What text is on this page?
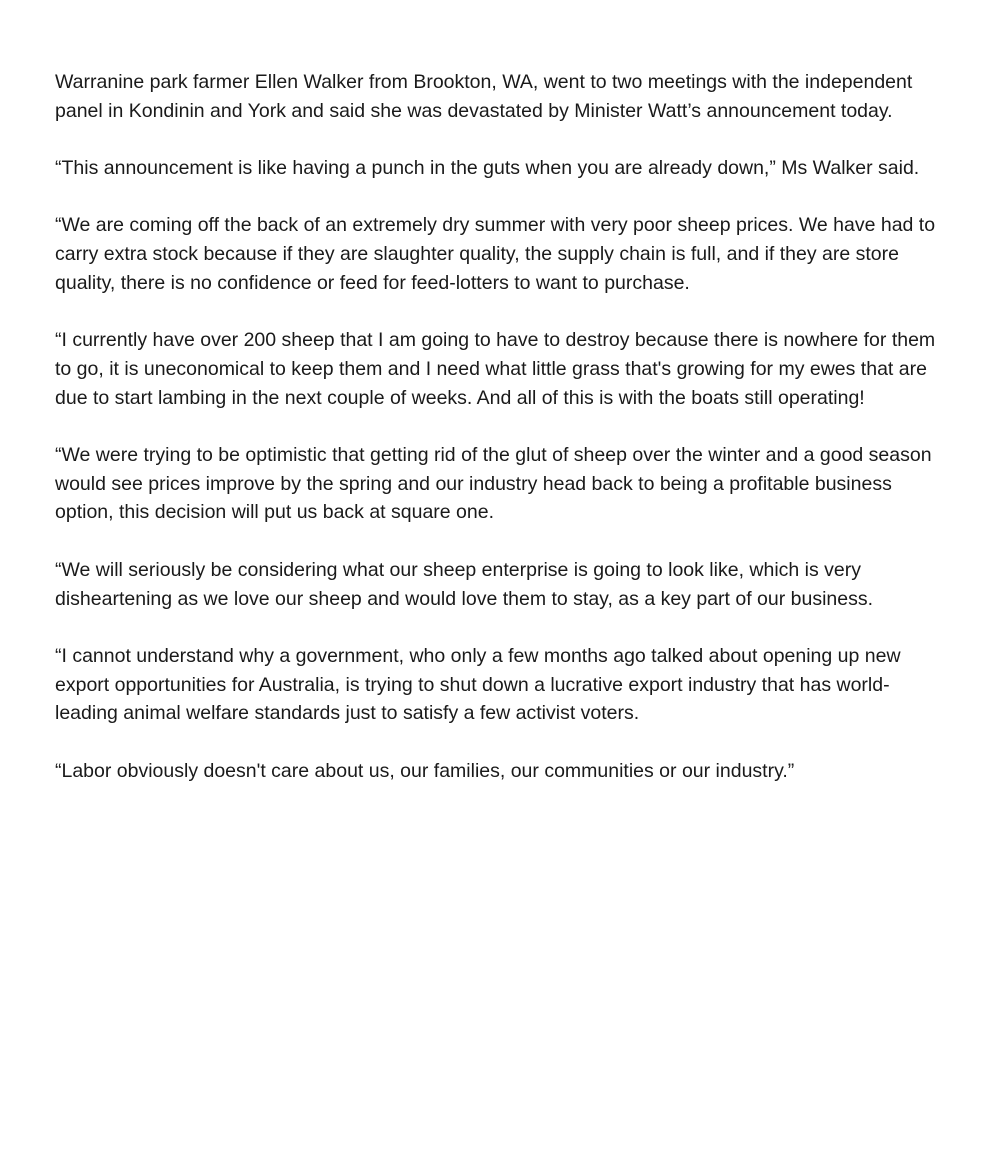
Warranine park farmer Ellen Walker from Brookton, WA, went to two meetings with the independent panel in Kondinin and York and said she was devastated by Minister Watt’s announcement today.

“This announcement is like having a punch in the guts when you are already down,” Ms Walker said.

“We are coming off the back of an extremely dry summer with very poor sheep prices. We have had to carry extra stock because if they are slaughter quality, the supply chain is full, and if they are store quality, there is no confidence or feed for feed-lotters to want to purchase.

“I currently have over 200 sheep that I am going to have to destroy because there is nowhere for them to go, it is uneconomical to keep them and I need what little grass that's growing for my ewes that are due to start lambing in the next couple of weeks. And all of this is with the boats still operating!

“We were trying to be optimistic that getting rid of the glut of sheep over the winter and a good season would see prices improve by the spring and our industry head back to being a profitable business option, this decision will put us back at square one.

“We will seriously be considering what our sheep enterprise is going to look like, which is very disheartening as we love our sheep and would love them to stay, as a key part of our business.

“I cannot understand why a government, who only a few months ago talked about opening up new export opportunities for Australia, is trying to shut down a lucrative export industry that has world-leading animal welfare standards just to satisfy a few activist voters.

“Labor obviously doesn't care about us, our families, our communities or our industry.”
